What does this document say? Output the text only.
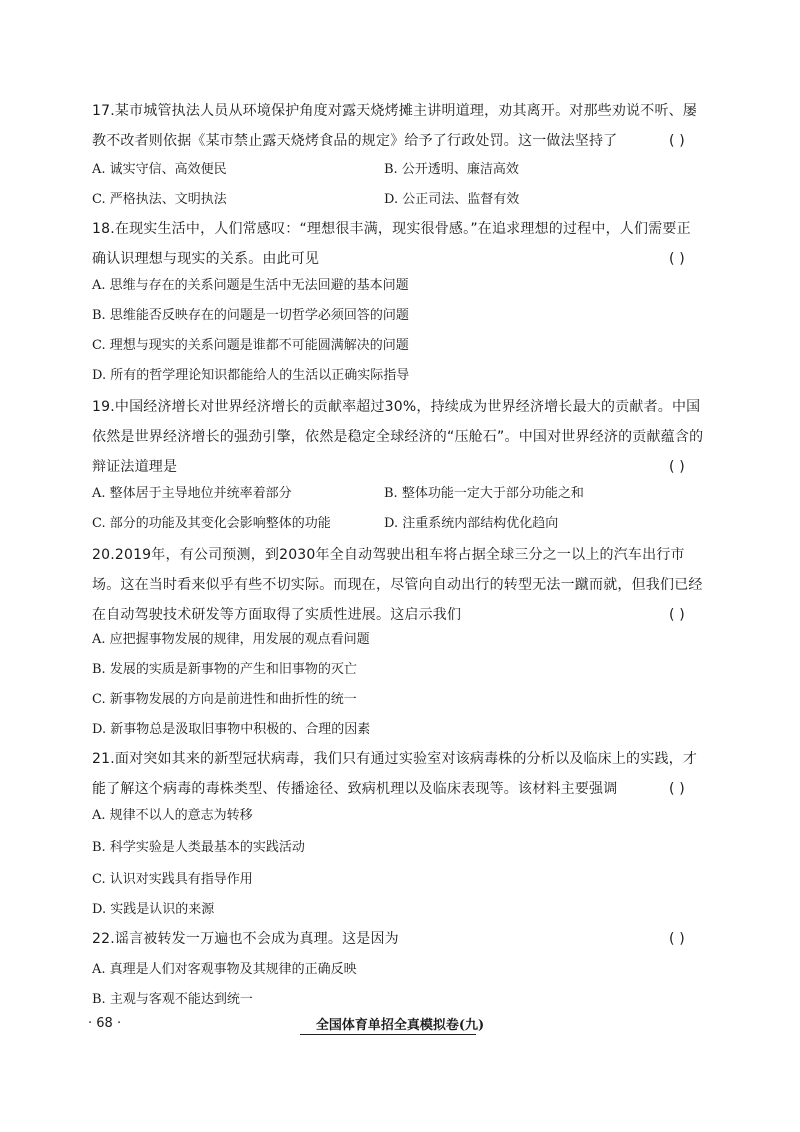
17.某市城管执法人员从环境保护角度对露天烧烤摊主讲明道理，劝其离开。对那些劝说不听、屡教不改者则依据《某市禁止露天烧烤食品的规定》给予了行政处罚。这一做法坚持了	( )
A. 诚实守信、高效便民	B. 公开透明、廉洁高效
C. 严格执法、文明执法	D. 公正司法、监督有效
18.在现实生活中，人们常感叹：“理想很丰满，现实很骨感。”在追求理想的过程中，人们需要正确认识理想与现实的关系。由此可见	( )
A. 思维与存在的关系问题是生活中无法回避的基本问题
B. 思维能否反映存在的问题是一切哲学必须回答的问题
C. 理想与现实的关系问题是谁都不可能圆满解决的问题
D. 所有的哲学理论知识都能给人的生活以正确实际指导
19.中国经济增长对世界经济增长的贡献率超过30%，持续成为世界经济增长最大的贡献者。中国依然是世界经济增长的强劲引擎，依然是稳定全球经济的“压舱石”。中国对世界经济的贡献蕴含的辩证法道理是	( )
A. 整体居于主导地位并统率着部分	B. 整体功能一定大于部分功能之和
C. 部分的功能及其变化会影响整体的功能	D. 注重系统内部结构优化趋向
20.2019年，有公司预测，到2030年全自动驾驶出租车将占据全球三分之一以上的汽车出行市场。这在当时看来似乎有些不切实际。而现在，尽管向自动出行的转型无法一蹴而就，但我们已经在自动驾驶技术研发等方面取得了实质性进展。这启示我们	( )
A. 应把握事物发展的规律，用发展的观点看问题
B. 发展的实质是新事物的产生和旧事物的灭亡
C. 新事物发展的方向是前进性和曲折性的统一
D. 新事物总是汲取旧事物中积极的、合理的因素
21.面对突如其来的新型冠状病毒，我们只有通过实验室对该病毒株的分析以及临床上的实践，才能了解这个病毒的毒株类型、传播途径、致病机理以及临床表现等。该材料主要强调	( )
A. 规律不以人的意志为转移
B. 科学实验是人类最基本的实践活动
C. 认识对实践具有指导作用
D. 实践是认识的来源
22.谣言被转发一万遍也不会成为真理。这是因为	( )
A. 真理是人们对客观事物及其规律的正确反映
B. 主观与客观不能达到统一
· 68 ·	全国体育单招全真模拟卷(九)
